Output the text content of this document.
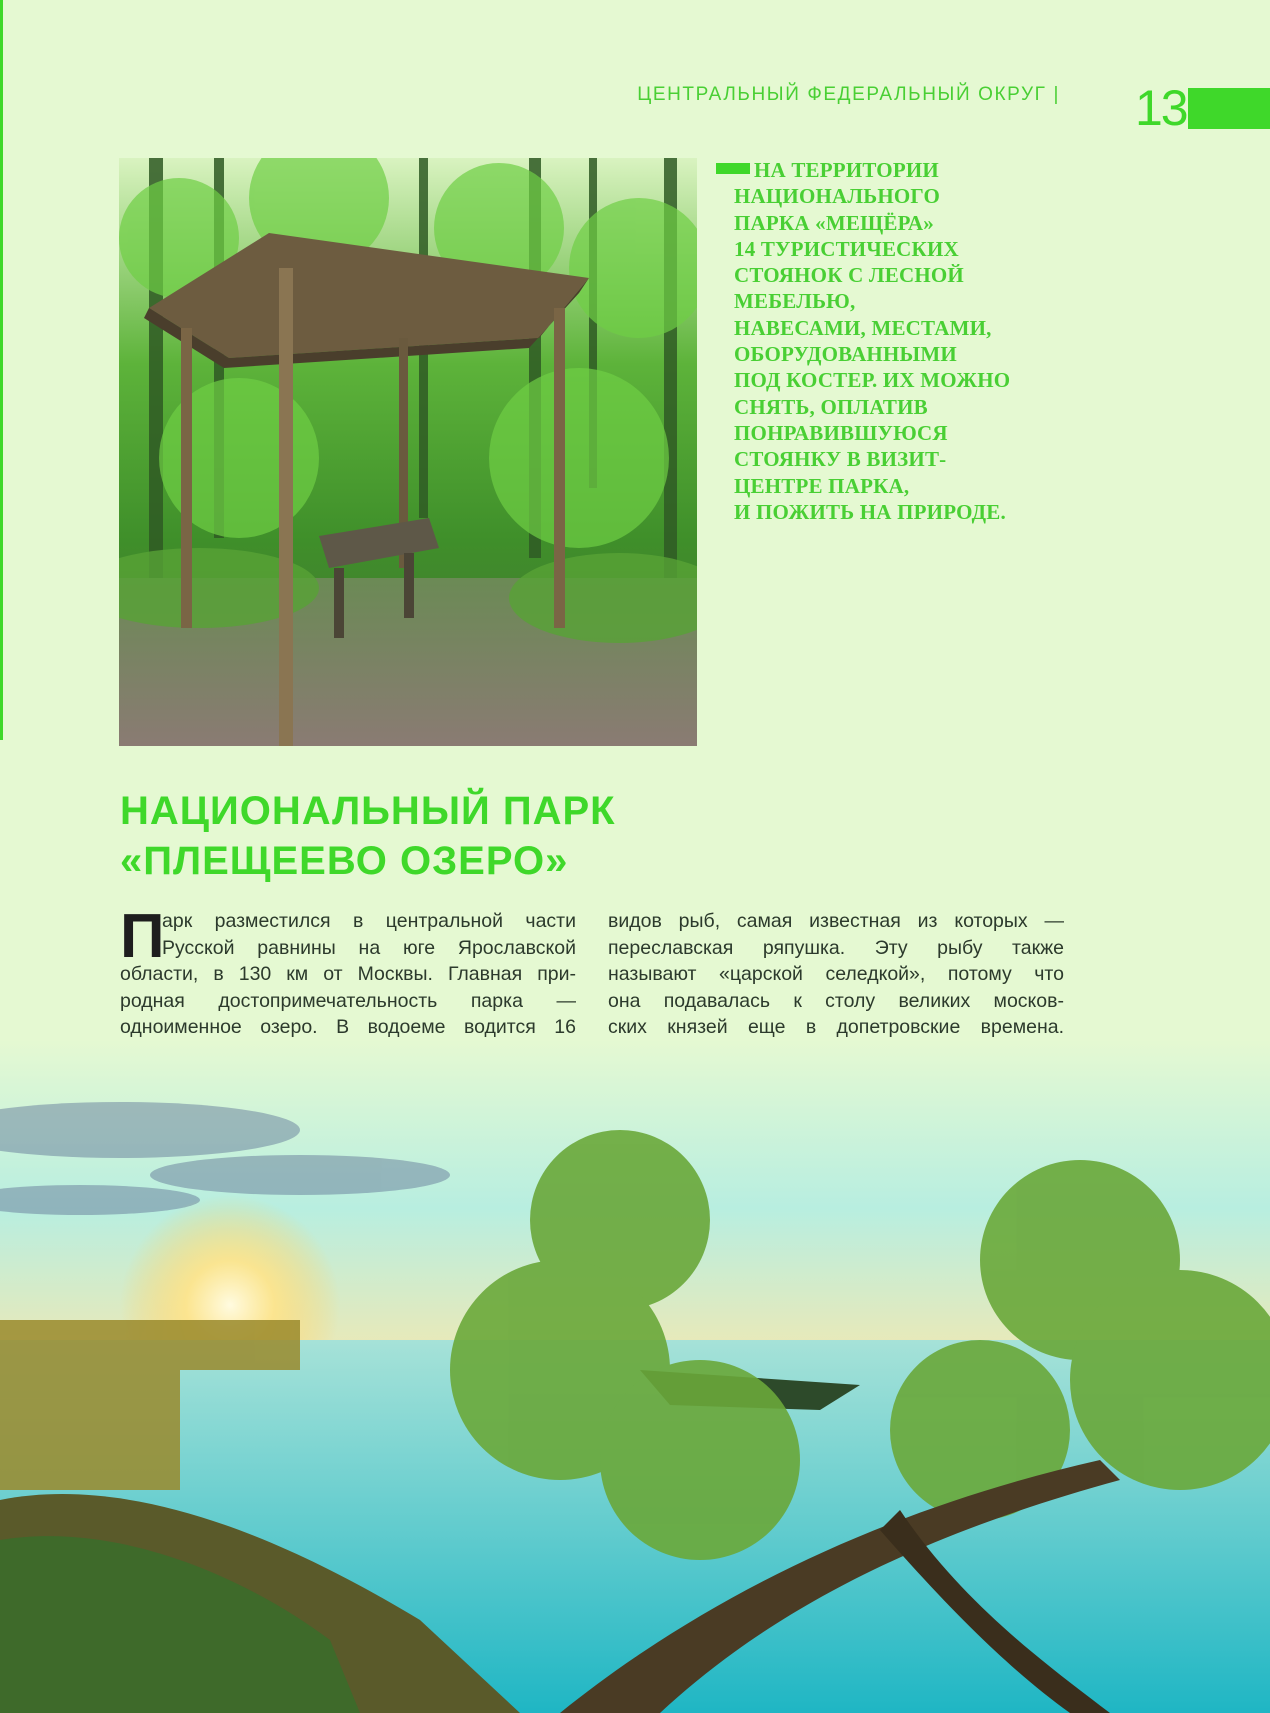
ЦЕНТРАЛЬНЫЙ ФЕДЕРАЛЬНЫЙ ОКРУГ | 13
НА ТЕРРИТОРИИ
НАЦИОНАЛЬНОГО
ПАРКА «МЕЩЁРА»
14 ТУРИСТИЧЕСКИХ
СТОЯНОК С ЛЕСНОЙ
МЕБЕЛЬЮ,
НАВЕСАМИ, МЕСТАМИ,
ОБОРУДОВАННЫМИ
ПОД КОСТЕР. ИХ МОЖНО
СНЯТЬ, ОПЛАТИВ
ПОНРАВИВШУЮСЯ
СТОЯНКУ В ВИЗИТ-
ЦЕНТРЕ ПАРКА,
И ПОЖИТЬ НА ПРИРОДЕ.
НАЦИОНАЛЬНЫЙ ПАРК
«ПЛЕЩЕЕВО ОЗЕРО»
П
арк разместился в центральной части
Русской равнины на юге Ярославской
области, в 130 км от Москвы. Главная при-
родная достопримечательность парка —
одноименное озеро. В водоеме водится 16
видов рыб, самая известная из которых —
переславская ряпушка. Эту рыбу также
называют «царской селедкой», потому что
она подавалась к столу великих москов-
ских князей еще в допетровские времена.
